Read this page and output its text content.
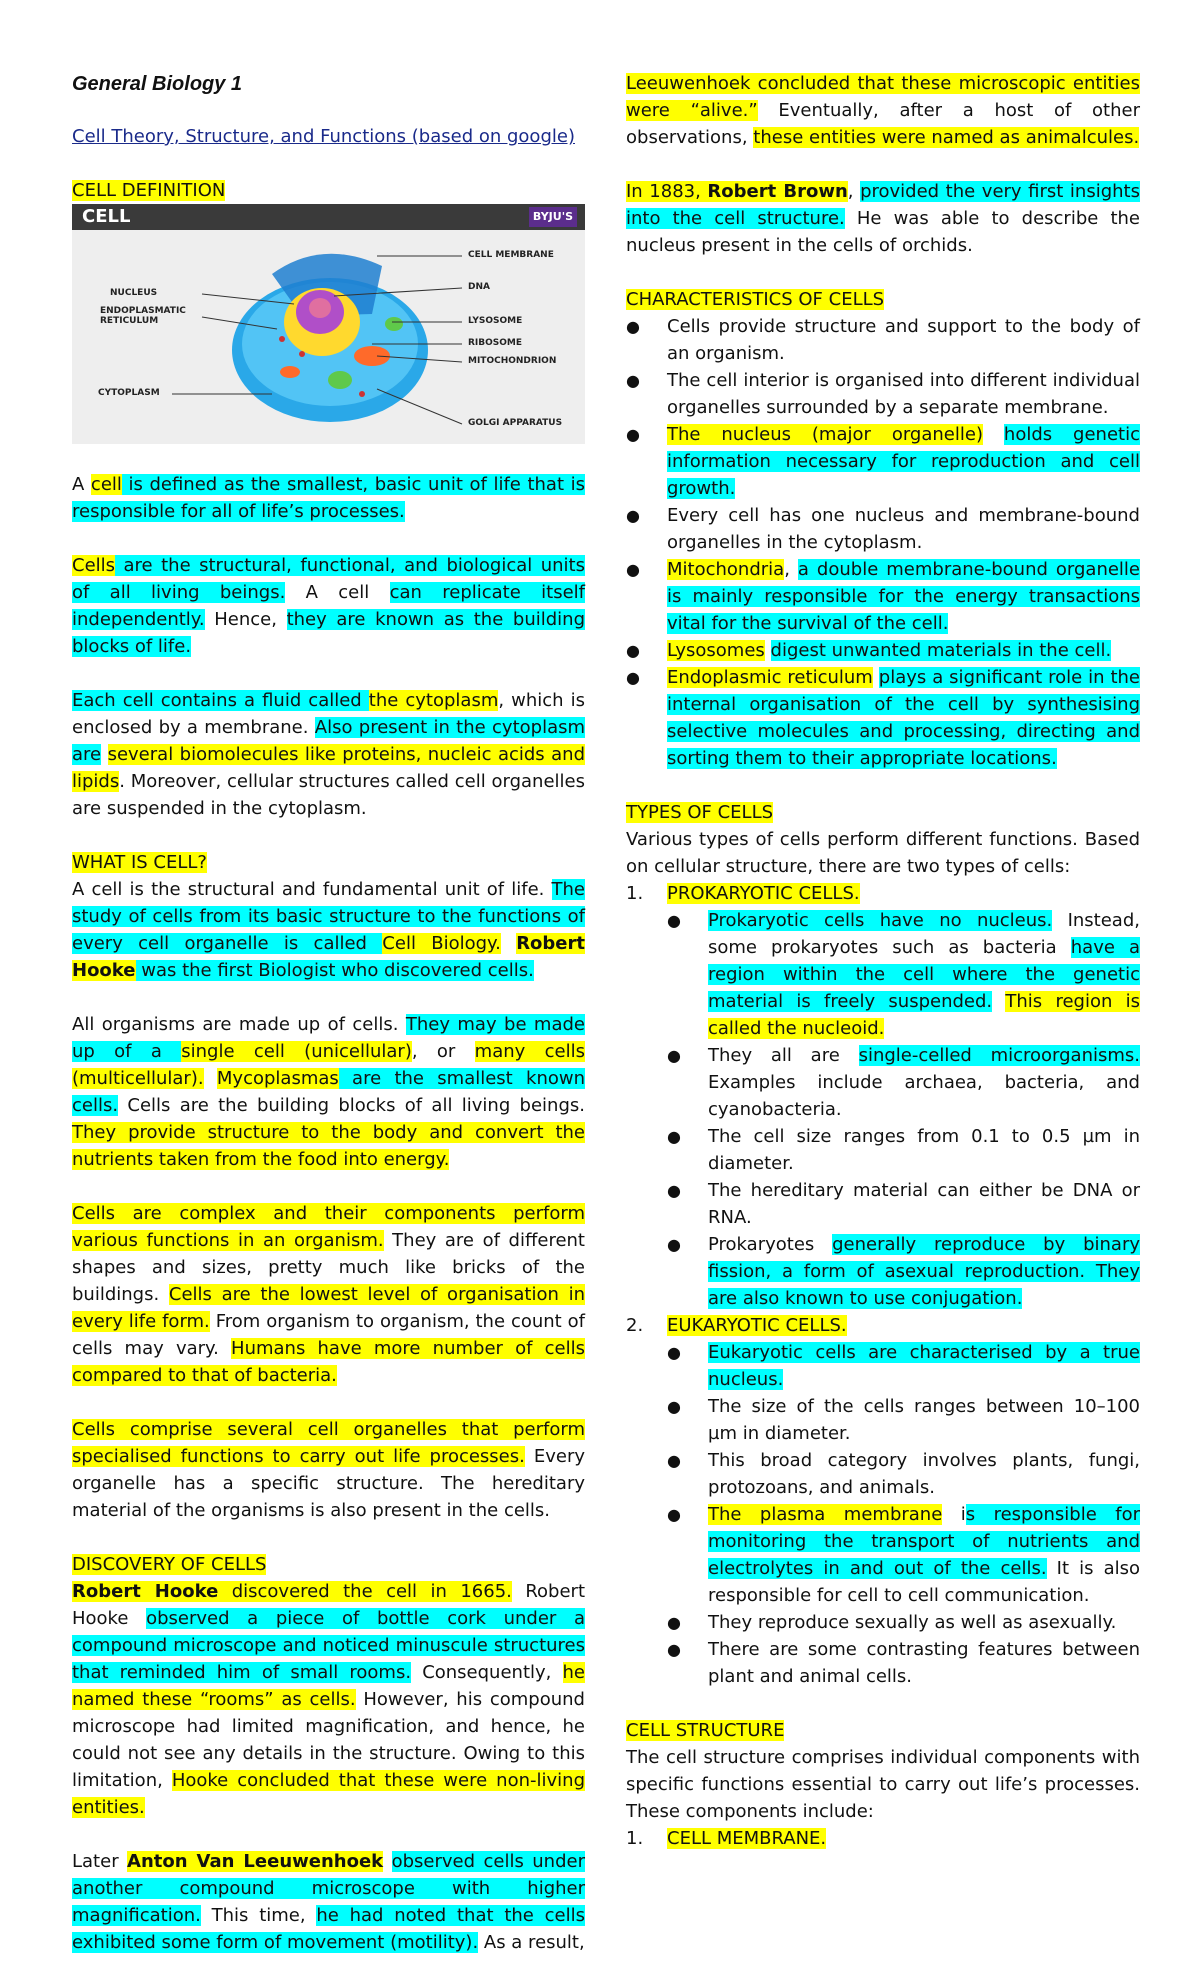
General Biology 1
Cell Theory, Structure, and Functions (based on google)
CELL DEFINITION
CELL	BYJU'S
CELL MEMBRANE
DNA
NUCLEUS
ENDOPLASMATIC
RETICULUM	LYSOSOME
RIBOSOME
MITOCHONDRION
CYTOPLASM
GOLGI APPARATUS

A cell is defined as the smallest, basic unit of life that is responsible for all of life’s processes.

Cells are the structural, functional, and biological units of all living beings. A cell can replicate itself independently. Hence, they are known as the building blocks of life.

Each cell contains a fluid called the cytoplasm, which is enclosed by a membrane. Also present in the cytoplasm are several biomolecules like proteins, nucleic acids and lipids. Moreover, cellular structures called cell organelles are suspended in the cytoplasm.

WHAT IS CELL?

A cell is the structural and fundamental unit of life. The study of cells from its basic structure to the functions of every cell organelle is called Cell Biology. Robert Hooke was the first Biologist who discovered cells.

All organisms are made up of cells. They may be made up of a single cell (unicellular), or many cells (multicellular). Mycoplasmas are the smallest known cells. Cells are the building blocks of all living beings. They provide structure to the body and convert the nutrients taken from the food into energy.

Cells are complex and their components perform various functions in an organism. They are of different shapes and sizes, pretty much like bricks of the buildings. Cells are the lowest level of organisation in every life form. From organism to organism, the count of cells may vary. Humans have more number of cells compared to that of bacteria.

Cells comprise several cell organelles that perform specialised functions to carry out life processes. Every organelle has a specific structure. The hereditary material of the organisms is also present in the cells.

DISCOVERY OF CELLS

Robert Hooke discovered the cell in 1665. Robert Hooke observed a piece of bottle cork under a compound microscope and noticed minuscule structures that reminded him of small rooms. Consequently, he named these “rooms” as cells. However, his compound microscope had limited magnification, and hence, he could not see any details in the structure. Owing to this limitation, Hooke concluded that these were non-living entities.

Later Anton Van Leeuwenhoek observed cells under another compound microscope with higher magnification. This time, he had noted that the cells exhibited some form of movement (motility). As a result,

Leeuwenhoek concluded that these microscopic entities were “alive.” Eventually, after a host of other observations, these entities were named as animalcules.

In 1883, Robert Brown, provided the very first insights into the cell structure. He was able to describe the nucleus present in the cells of orchids.

CHARACTERISTICS OF CELLS
● Cells provide structure and support to the body of an organism.
● The cell interior is organised into different individual organelles surrounded by a separate membrane.
● The nucleus (major organelle) holds genetic information necessary for reproduction and cell growth.
● Every cell has one nucleus and membrane-bound organelles in the cytoplasm.
● Mitochondria, a double membrane-bound organelle is mainly responsible for the energy transactions vital for the survival of the cell.
● Lysosomes digest unwanted materials in the cell.
● Endoplasmic reticulum plays a significant role in the internal organisation of the cell by synthesising selective molecules and processing, directing and sorting them to their appropriate locations.
TYPES OF CELLS
Various types of cells perform different functions. Based on cellular structure, there are two types of cells:
1. PROKARYOTIC CELLS.
● Prokaryotic cells have no nucleus. Instead, some prokaryotes such as bacteria have a region within the cell where the genetic material is freely suspended. This region is called the nucleoid.
● They all are single-celled microorganisms. Examples include archaea, bacteria, and cyanobacteria.
● The cell size ranges from 0.1 to 0.5 µm in diameter.
● The hereditary material can either be DNA or RNA.
● Prokaryotes generally reproduce by binary fission, a form of asexual reproduction. They are also known to use conjugation.
2. EUKARYOTIC CELLS.
● Eukaryotic cells are characterised by a true nucleus.
● The size of the cells ranges between 10–100 µm in diameter.
● This broad category involves plants, fungi, protozoans, and animals.
● The plasma membrane is responsible for monitoring the transport of nutrients and electrolytes in and out of the cells. It is also responsible for cell to cell communication.
● They reproduce sexually as well as asexually.
● There are some contrasting features between plant and animal cells.
CELL STRUCTURE
The cell structure comprises individual components with specific functions essential to carry out life’s processes. These components include:
1. CELL MEMBRANE.
